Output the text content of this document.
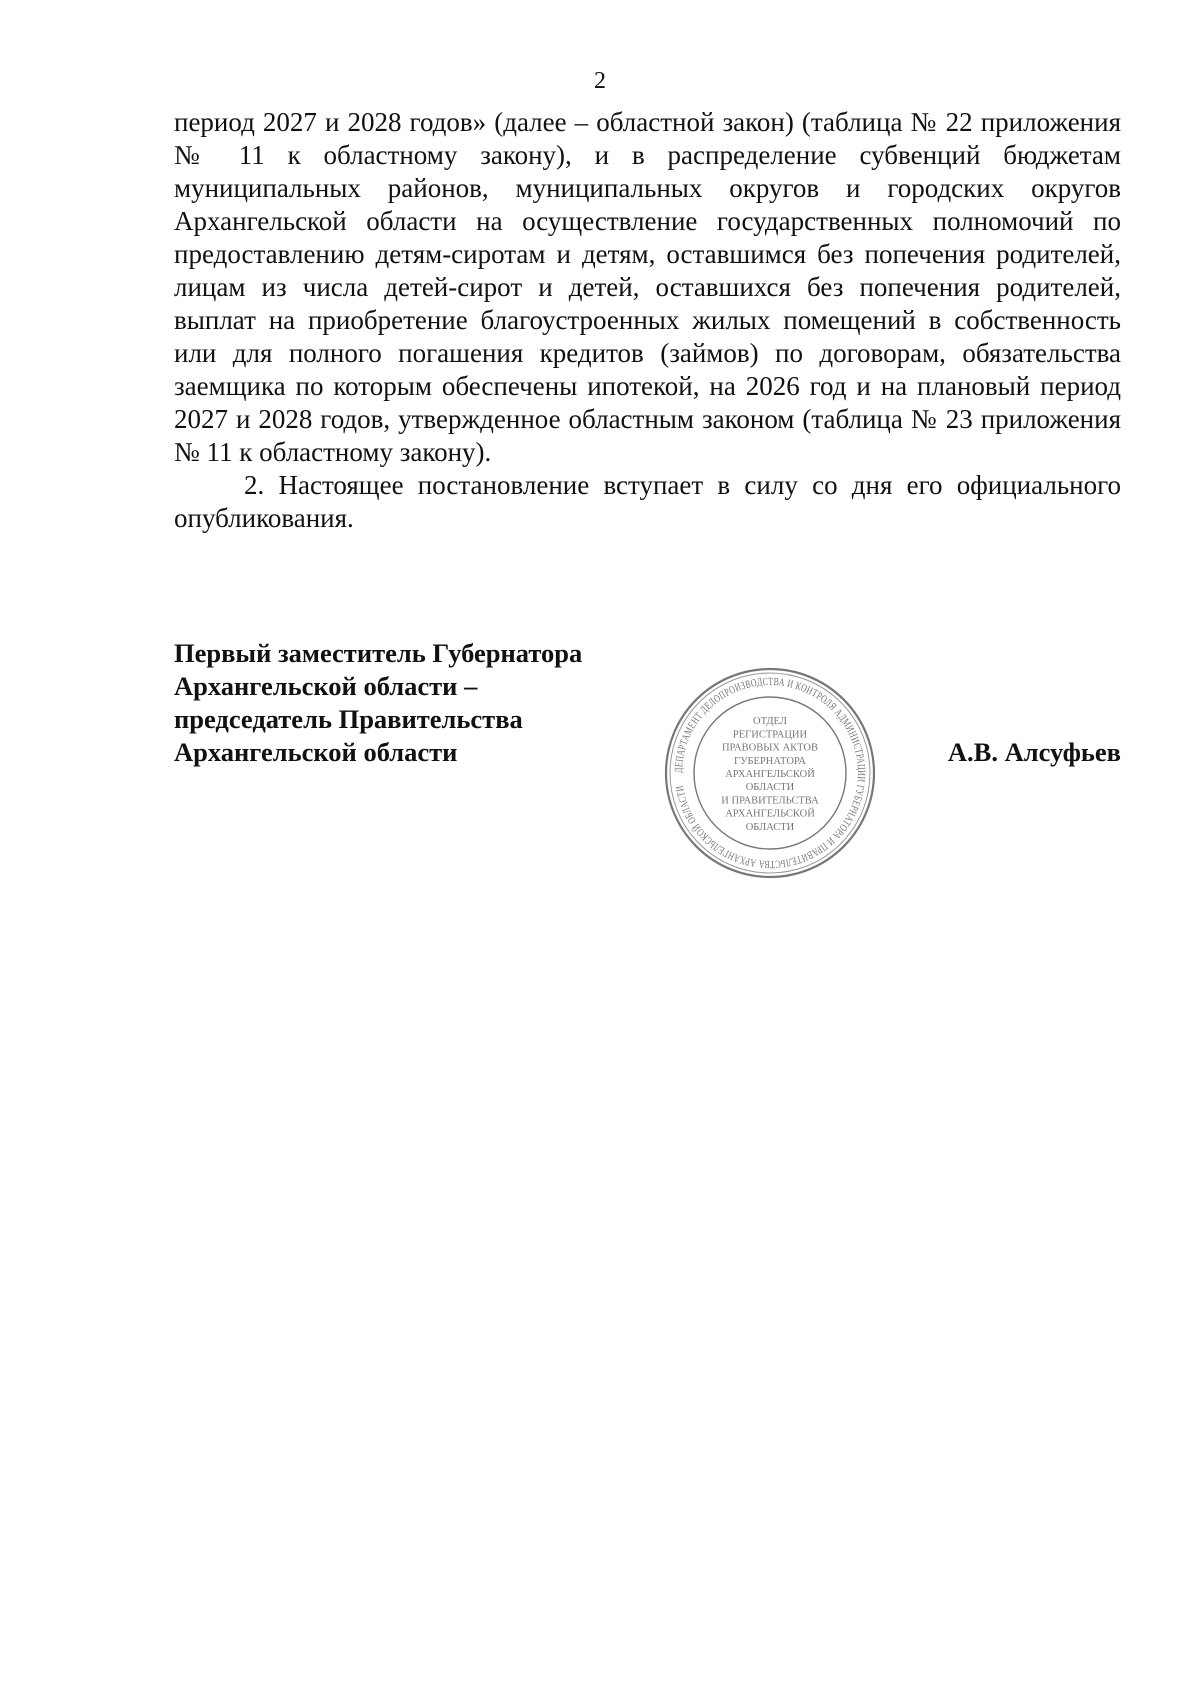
2

период 2027 и 2028 годов» (далее – областной закон) (таблица № 22 приложения № 11 к областному закону), и в распределение субвенций бюджетам муниципальных районов, муниципальных округов и городских округов Архангельской области на осуществление государственных полномочий по предоставлению детям-сиротам и детям, оставшимся без попечения родителей, лицам из числа детей-сирот и детей, оставшихся без попечения родителей, выплат на приобретение благоустроенных жилых помещений в собственность или для полного погашения кредитов (займов) по договорам, обязательства заемщика по которым обеспечены ипотекой, на 2026 год и на плановый период 2027 и 2028 годов, утвержденное областным законом (таблица № 23 приложения № 11 к областному закону).

2. Настоящее постановление вступает в силу со дня его официального опубликования.

Первый заместитель Губернатора
Архангельской области –
председатель Правительства
Архангельской области	А.В. Алсуфьев
ДЕПАРТАМЕНТ ДЕЛОПРОИЗВОДСТВА И КОНТРОЛЯ АДМИНИСТРАЦИИ ГУБЕРНАТОРА И ПРАВИТЕЛЬСТВА АРХАНГЕЛЬСКОЙ ОБЛАСТИ
ОТДЕЛ
РЕГИСТРАЦИИ
ПРАВОВЫХ АКТОВ
ГУБЕРНАТОРА
АРХАНГЕЛЬСКОЙ
ОБЛАСТИ
И ПРАВИТЕЛЬСТВА
АРХАНГЕЛЬСКОЙ
ОБЛАСТИ
